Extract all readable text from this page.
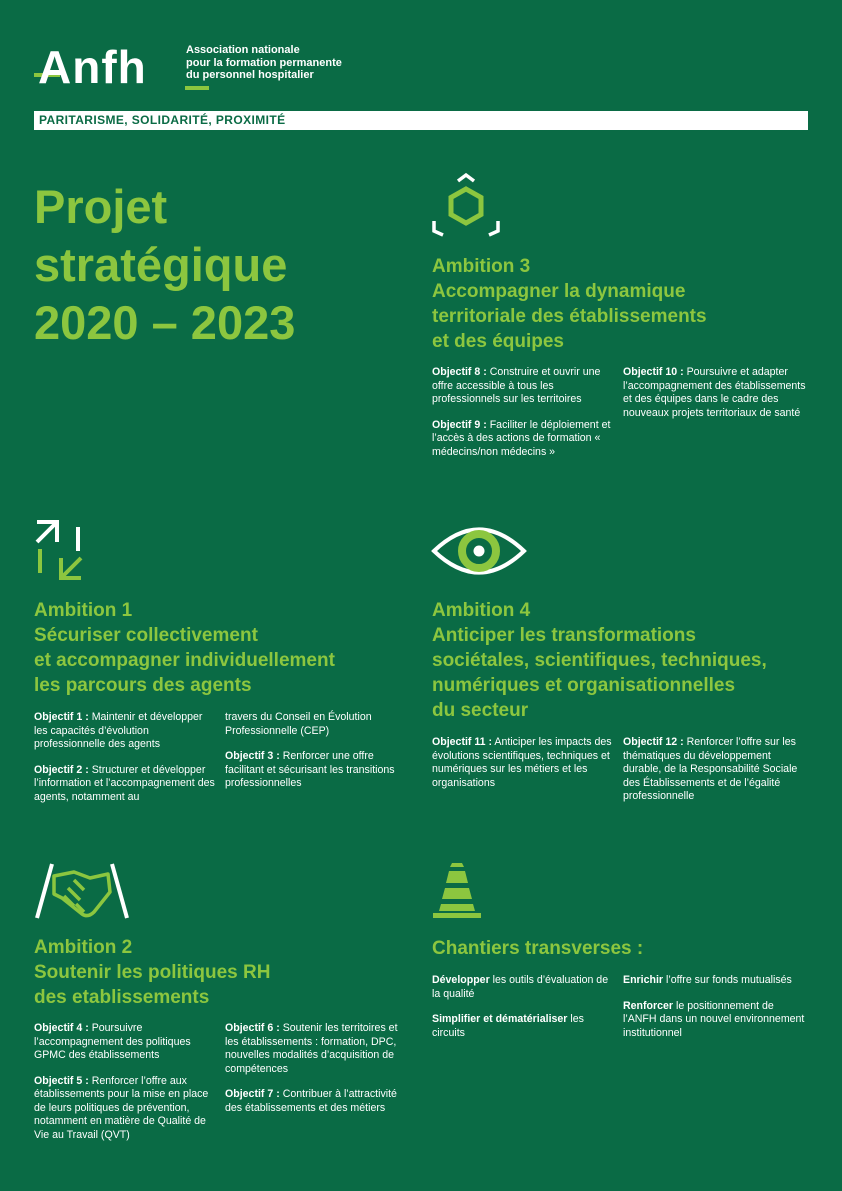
Anfh	Association nationale
pour la formation permanente
du personnel hospitalier
PARITARISME, SOLIDARITÉ, PROXIMITÉ
Projet
stratégique
2020 – 2023
Ambition 3
Accompagner la dynamique
territoriale des établissements
et des équipes

Objectif 8 : Construire et ouvrir une offre accessible à tous les professionnels sur les territoires

Objectif 9 : Faciliter le déploiement et l’accès à des actions de formation « médecins/non médecins »

Objectif 10 : Poursuivre et adapter l’accompagnement des établissements et des équipes dans le cadre des nouveaux projets territoriaux de santé

Ambition 1
Sécuriser collectivement
et accompagner individuellement
les parcours des agents

Objectif 1 : Maintenir et développer les capacités d’évolution professionnelle des agents

Objectif 2 : Structurer et développer l’information et l’accompagnement des agents, notamment au

travers du Conseil en Évolution Professionnelle (CEP)

Objectif 3 : Renforcer une offre facilitant et sécurisant les transitions professionnelles

Ambition 4
Anticiper les transformations
sociétales, scientifiques, techniques,
numériques et organisationnelles
du secteur

Objectif 11 : Anticiper les impacts des évolutions scientifiques, techniques et numériques sur les métiers et les organisations

Objectif 12 : Renforcer l’offre sur les thématiques du développement durable, de la Responsabilité Sociale des Établissements et de l’égalité professionnelle

Ambition 2
Soutenir les politiques RH
des etablissements

Objectif 4 : Poursuivre l’accompagnement des politiques GPMC des établissements

Objectif 5 : Renforcer l’offre aux établissements pour la mise en place de leurs politiques de prévention, notamment en matière de Qualité de Vie au Travail (QVT)

Objectif 6 : Soutenir les territoires et les établissements : formation, DPC, nouvelles modalités d’acquisition de compétences

Objectif 7 : Contribuer à l’attractivité des établissements et des métiers

Chantiers transverses :

Développer les outils d’évaluation de la qualité

Simplifier et dématérialiser les circuits

Enrichir l’offre sur fonds mutualisés

Renforcer le positionnement de l’ANFH dans un nouvel environnement institutionnel
